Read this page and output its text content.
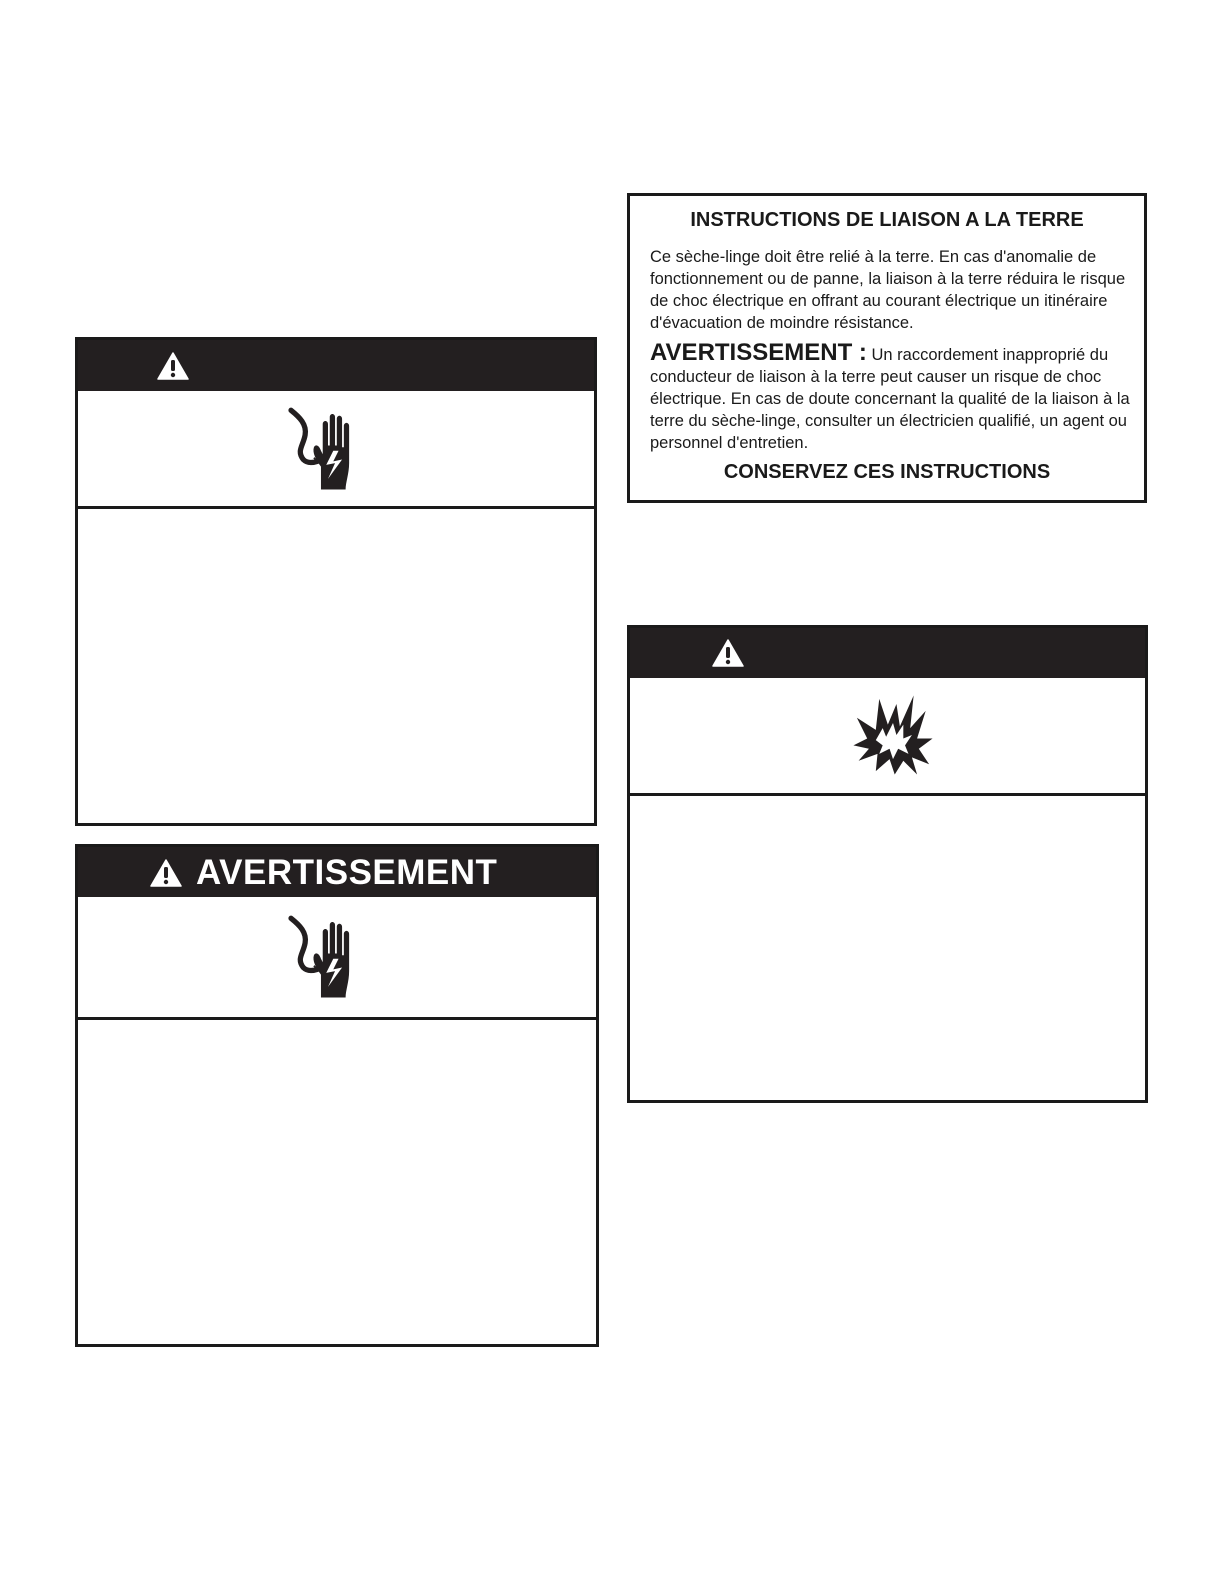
AVERTISSEMENT
INSTRUCTIONS DE LIAISON A LA TERRE
Ce sèche-linge doit être relié à la terre. En cas d'anomalie de fonctionnement ou de panne, la liaison à la terre réduira le risque de choc électrique en offrant au courant électrique un itinéraire d'évacuation de moindre résistance.
AVERTISSEMENT : Un raccordement inapproprié du conducteur de liaison à la terre peut causer un risque de choc électrique. En cas de doute concernant la qualité de la liaison à la terre du sèche-linge, consulter un électricien qualifié, un agent ou personnel d'entretien.
CONSERVEZ CES INSTRUCTIONS
